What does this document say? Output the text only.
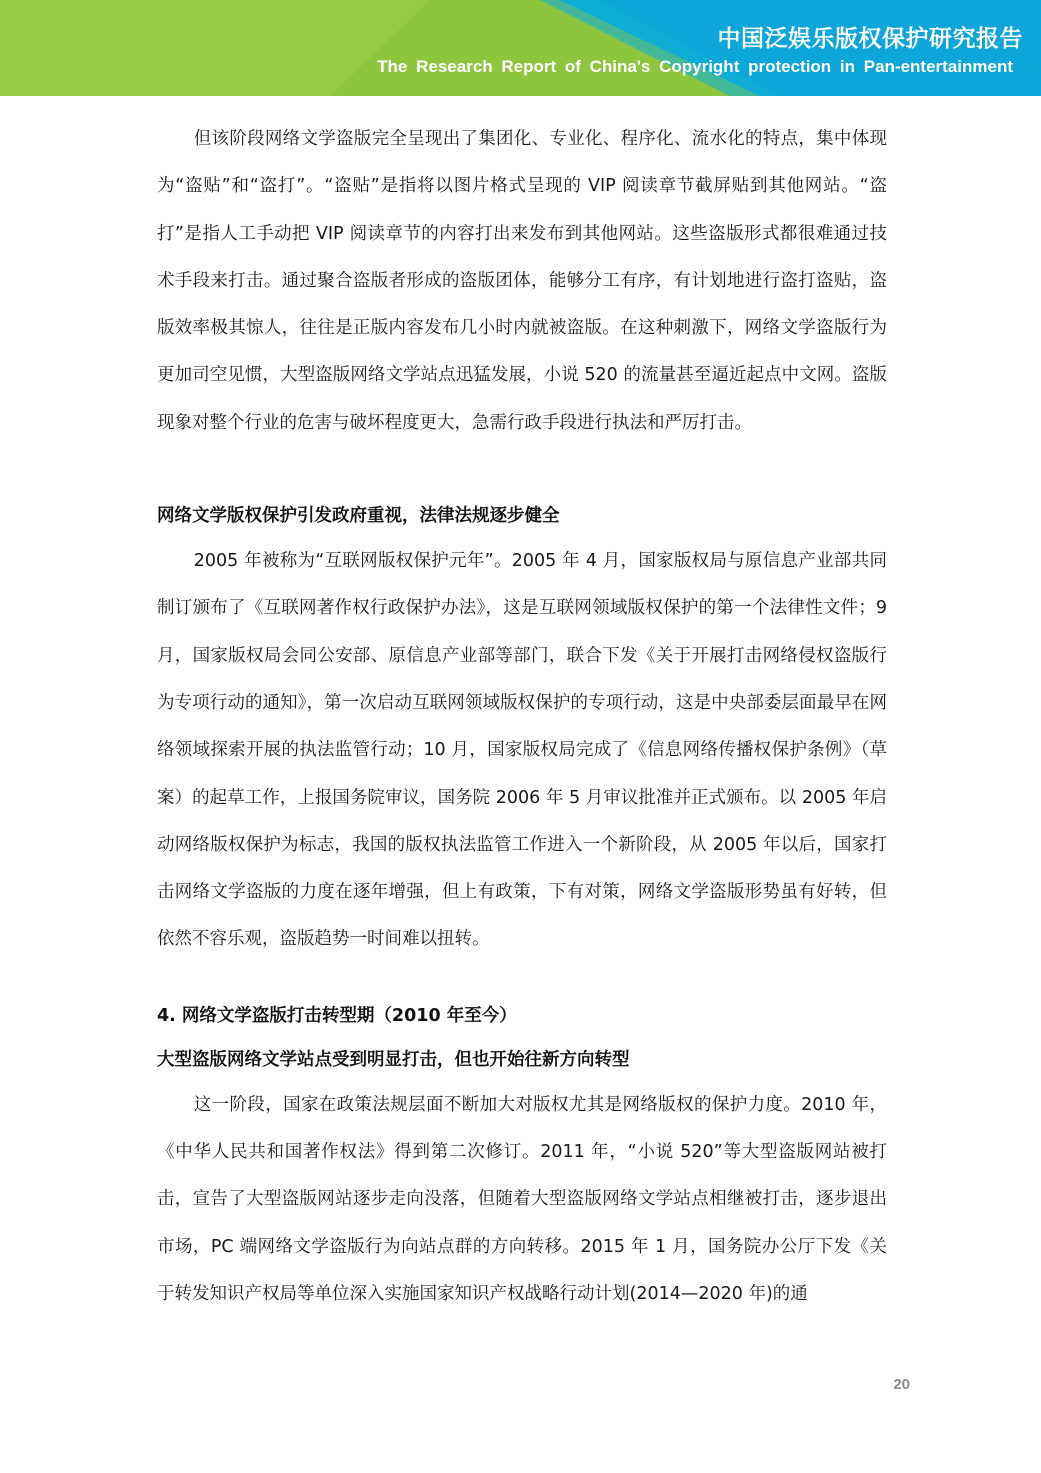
中国泛娱乐版权保护研究报告
The Research Report of China's Copyright protection in Pan-entertainment

但该阶段网络文学盗版完全呈现出了集团化、专业化、程序化、流水化的特点，集中体现为“盗贴”和“盗打”。“盗贴”是指将以图片格式呈现的 VIP 阅读章节截屏贴到其他网站。“盗打”是指人工手动把 VIP 阅读章节的内容打出来发布到其他网站。这些盗版形式都很难通过技术手段来打击。通过聚合盗版者形成的盗版团体，能够分工有序，有计划地进行盗打盗贴，盗版效率极其惊人，往往是正版内容发布几小时内就被盗版。在这种刺激下，网络文学盗版行为更加司空见惯，大型盗版网络文学站点迅猛发展，小说 520 的流量甚至逼近起点中文网。盗版现象对整个行业的危害与破坏程度更大，急需行政手段进行执法和严厉打击。

网络文学版权保护引发政府重视，法律法规逐步健全

2005 年被称为“互联网版权保护元年”。2005 年 4 月，国家版权局与原信息产业部共同制订颁布了《互联网著作权行政保护办法》，这是互联网领域版权保护的第一个法律性文件；9 月，国家版权局会同公安部、原信息产业部等部门，联合下发《关于开展打击网络侵权盗版行为专项行动的通知》，第一次启动互联网领域版权保护的专项行动，这是中央部委层面最早在网络领域探索开展的执法监管行动；10 月，国家版权局完成了《信息网络传播权保护条例》（草案）的起草工作，上报国务院审议，国务院 2006 年 5 月审议批准并正式颁布。以 2005 年启动网络版权保护为标志，我国的版权执法监管工作进入一个新阶段，从 2005 年以后，国家打击网络文学盗版的力度在逐年增强，但上有政策，下有对策，网络文学盗版形势虽有好转，但依然不容乐观，盗版趋势一时间难以扭转。

4. 网络文学盗版打击转型期（2010 年至今）

大型盗版网络文学站点受到明显打击，但也开始往新方向转型

这一阶段，国家在政策法规层面不断加大对版权尤其是网络版权的保护力度。2010 年，《中华人民共和国著作权法》得到第二次修订。2011 年，“小说 520”等大型盗版网站被打击，宣告了大型盗版网站逐步走向没落，但随着大型盗版网络文学站点相继被打击，逐步退出市场，PC 端网络文学盗版行为向站点群的方向转移。2015 年 1 月，国务院办公厅下发《关于转发知识产权局等单位深入实施国家知识产权战略行动计划(2014—2020 年)的通

20
